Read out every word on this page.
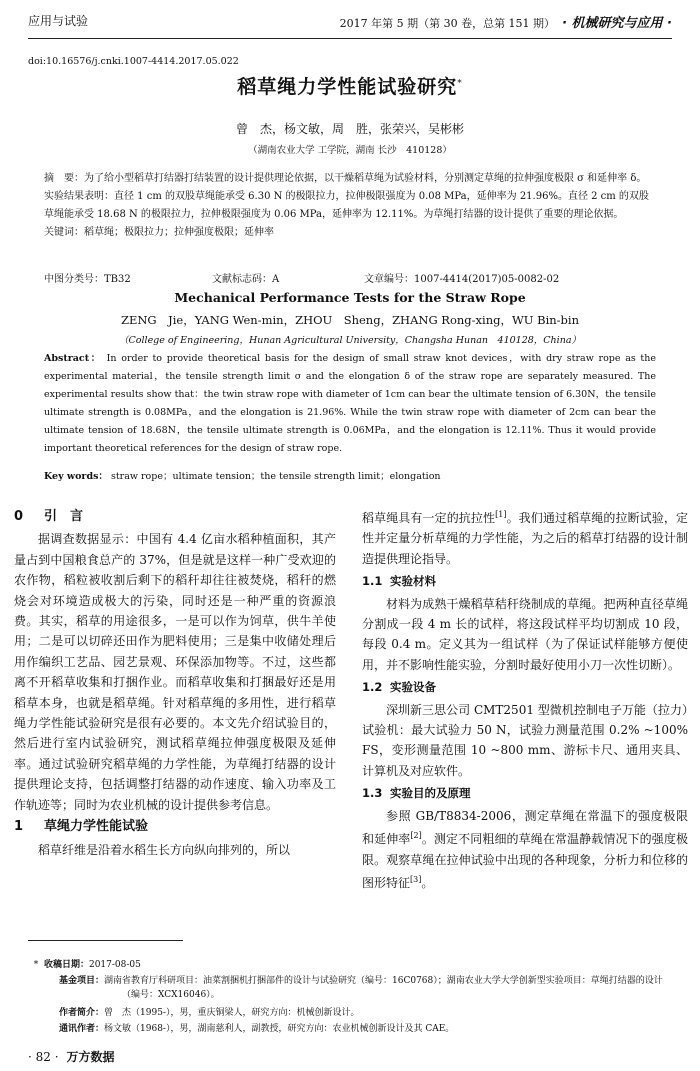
应用与试验	2017 年第 5 期（第 30 卷，总第 151 期） · 机械研究与应用 ·
doi:10.16576/j.cnki.1007-4414.2017.05.022
稻草绳力学性能试验研究*
曾　杰，杨文敏，周　胜，张荣兴，吴彬彬
（湖南农业大学 工学院，湖南 长沙　410128）
摘　要：为了给小型稻草打结器打结装置的设计提供理论依据，以干燥稻草绳为试验材料，分别测定草绳的拉伸强度极限 σ 和延伸率 δ。实验结果表明：直径 1 cm 的双股草绳能承受 6.30 N 的极限拉力，拉伸极限强度为 0.08 MPa，延伸率为 21.96%。直径 2 cm 的双股草绳能承受 18.68 N 的极限拉力，拉伸极限强度为 0.06 MPa，延伸率为 12.11%。为草绳打结器的设计提供了重要的理论依据。
关键词：稻草绳；极限拉力；拉伸强度极限；延伸率
中图分类号：TB32	文献标志码：A	文章编号：1007-4414(2017)05-0082-02
Mechanical Performance Tests for the Straw Rope
ZENG　Jie，YANG Wen-min，ZHOU　Sheng，ZHANG Rong-xing，WU Bin-bin
（College of Engineering，Hunan Agricultural University，Changsha Hunan　410128，China）
Abstract： In order to provide theoretical basis for the design of small straw knot devices，with dry straw rope as the experimental material，the tensile strength limit σ and the elongation δ of the straw rope are separately measured. The experimental results show that：the twin straw rope with diameter of 1cm can bear the ultimate tension of 6.30N，the tensile ultimate strength is 0.08MPa，and the elongation is 21.96%. While the twin straw rope with diameter of 2cm can bear the ultimate tension of 18.68N，the tensile ultimate strength is 0.06MPa，and the elongation is 12.11%. Thus it would provide important theoretical references for the design of straw rope.
Key words： straw rope；ultimate tension；the tensile strength limit；elongation

0 引　言

据调查数据显示：中国有 4.4 亿亩水稻种植面积，其产量占到中国粮食总产的 37%，但是就是这样一种广受欢迎的农作物，稻粒被收割后剩下的稻秆却往往被焚烧，稻秆的燃烧会对环境造成极大的污染，同时还是一种严重的资源浪费。其实，稻草的用途很多，一是可以作为饲草，供牛羊使用；二是可以切碎还田作为肥料使用；三是集中收储处理后用作编织工艺品、园艺景观、环保添加物等。不过，这些都离不开稻草收集和打捆作业。而稻草收集和打捆最好还是用稻草本身，也就是稻草绳。针对稻草绳的多用性，进行稻草绳力学性能试验研究是很有必要的。本文先介绍试验目的，然后进行室内试验研究，测试稻草绳拉伸强度极限及延伸率。通过试验研究稻草绳的力学性能，为草绳打结器的设计提供理论支持，包括调整打结器的动作速度、输入功率及工作轨迹等；同时为农业机械的设计提供参考信息。

1 草绳力学性能试验

稻草纤维是沿着水稻生长方向纵向排列的，所以

稻草绳具有一定的抗拉性[1]。我们通过稻草绳的拉断试验，定性并定量分析草绳的力学性能，为之后的稻草打结器的设计制造提供理论指导。

1.1 实验材料

材料为成熟干燥稻草秸秆绕制成的草绳。把两种直径草绳分割成一段 4 m 长的试样，将这段试样平均切割成 10 段，每段 0.4 m。定义其为一组试样（为了保证试样能够方便使用，并不影响性能实验，分割时最好使用小刀一次性切断）。

1.2 实验设备

深圳新三思公司 CMT2501 型微机控制电子万能（拉力）试验机：最大试验力 50 N，试验力测量范围 0.2% ~100% FS，变形测量范围 10 ~800 mm、游标卡尺、通用夹具、计算机及对应软件。

1.3 实验目的及原理

参照 GB/T8834-2006，测定草绳在常温下的强度极限和延伸率[2]。测定不同粗细的草绳在常温静载情况下的强度极限。观察草绳在拉伸试验中出现的各种现象，分析力和位移的图形特征[3]。

*  收稿日期：2017-08-05
基金项目：湖南省教育厅科研项目：油菜割捆机打捆部件的设计与试验研究（编号：16C0768）；湖南农业大学大学创新型实验项目：草绳打结器的设计（编号：XCX16046）。
作者简介：曾　杰（1995-），男，重庆铜梁人，研究方向：机械创新设计。
通讯作者：杨文敏（1968-），男，湖南慈利人，副教授，研究方向：农业机械创新设计及其 CAE。
· 82 · 万方数据
